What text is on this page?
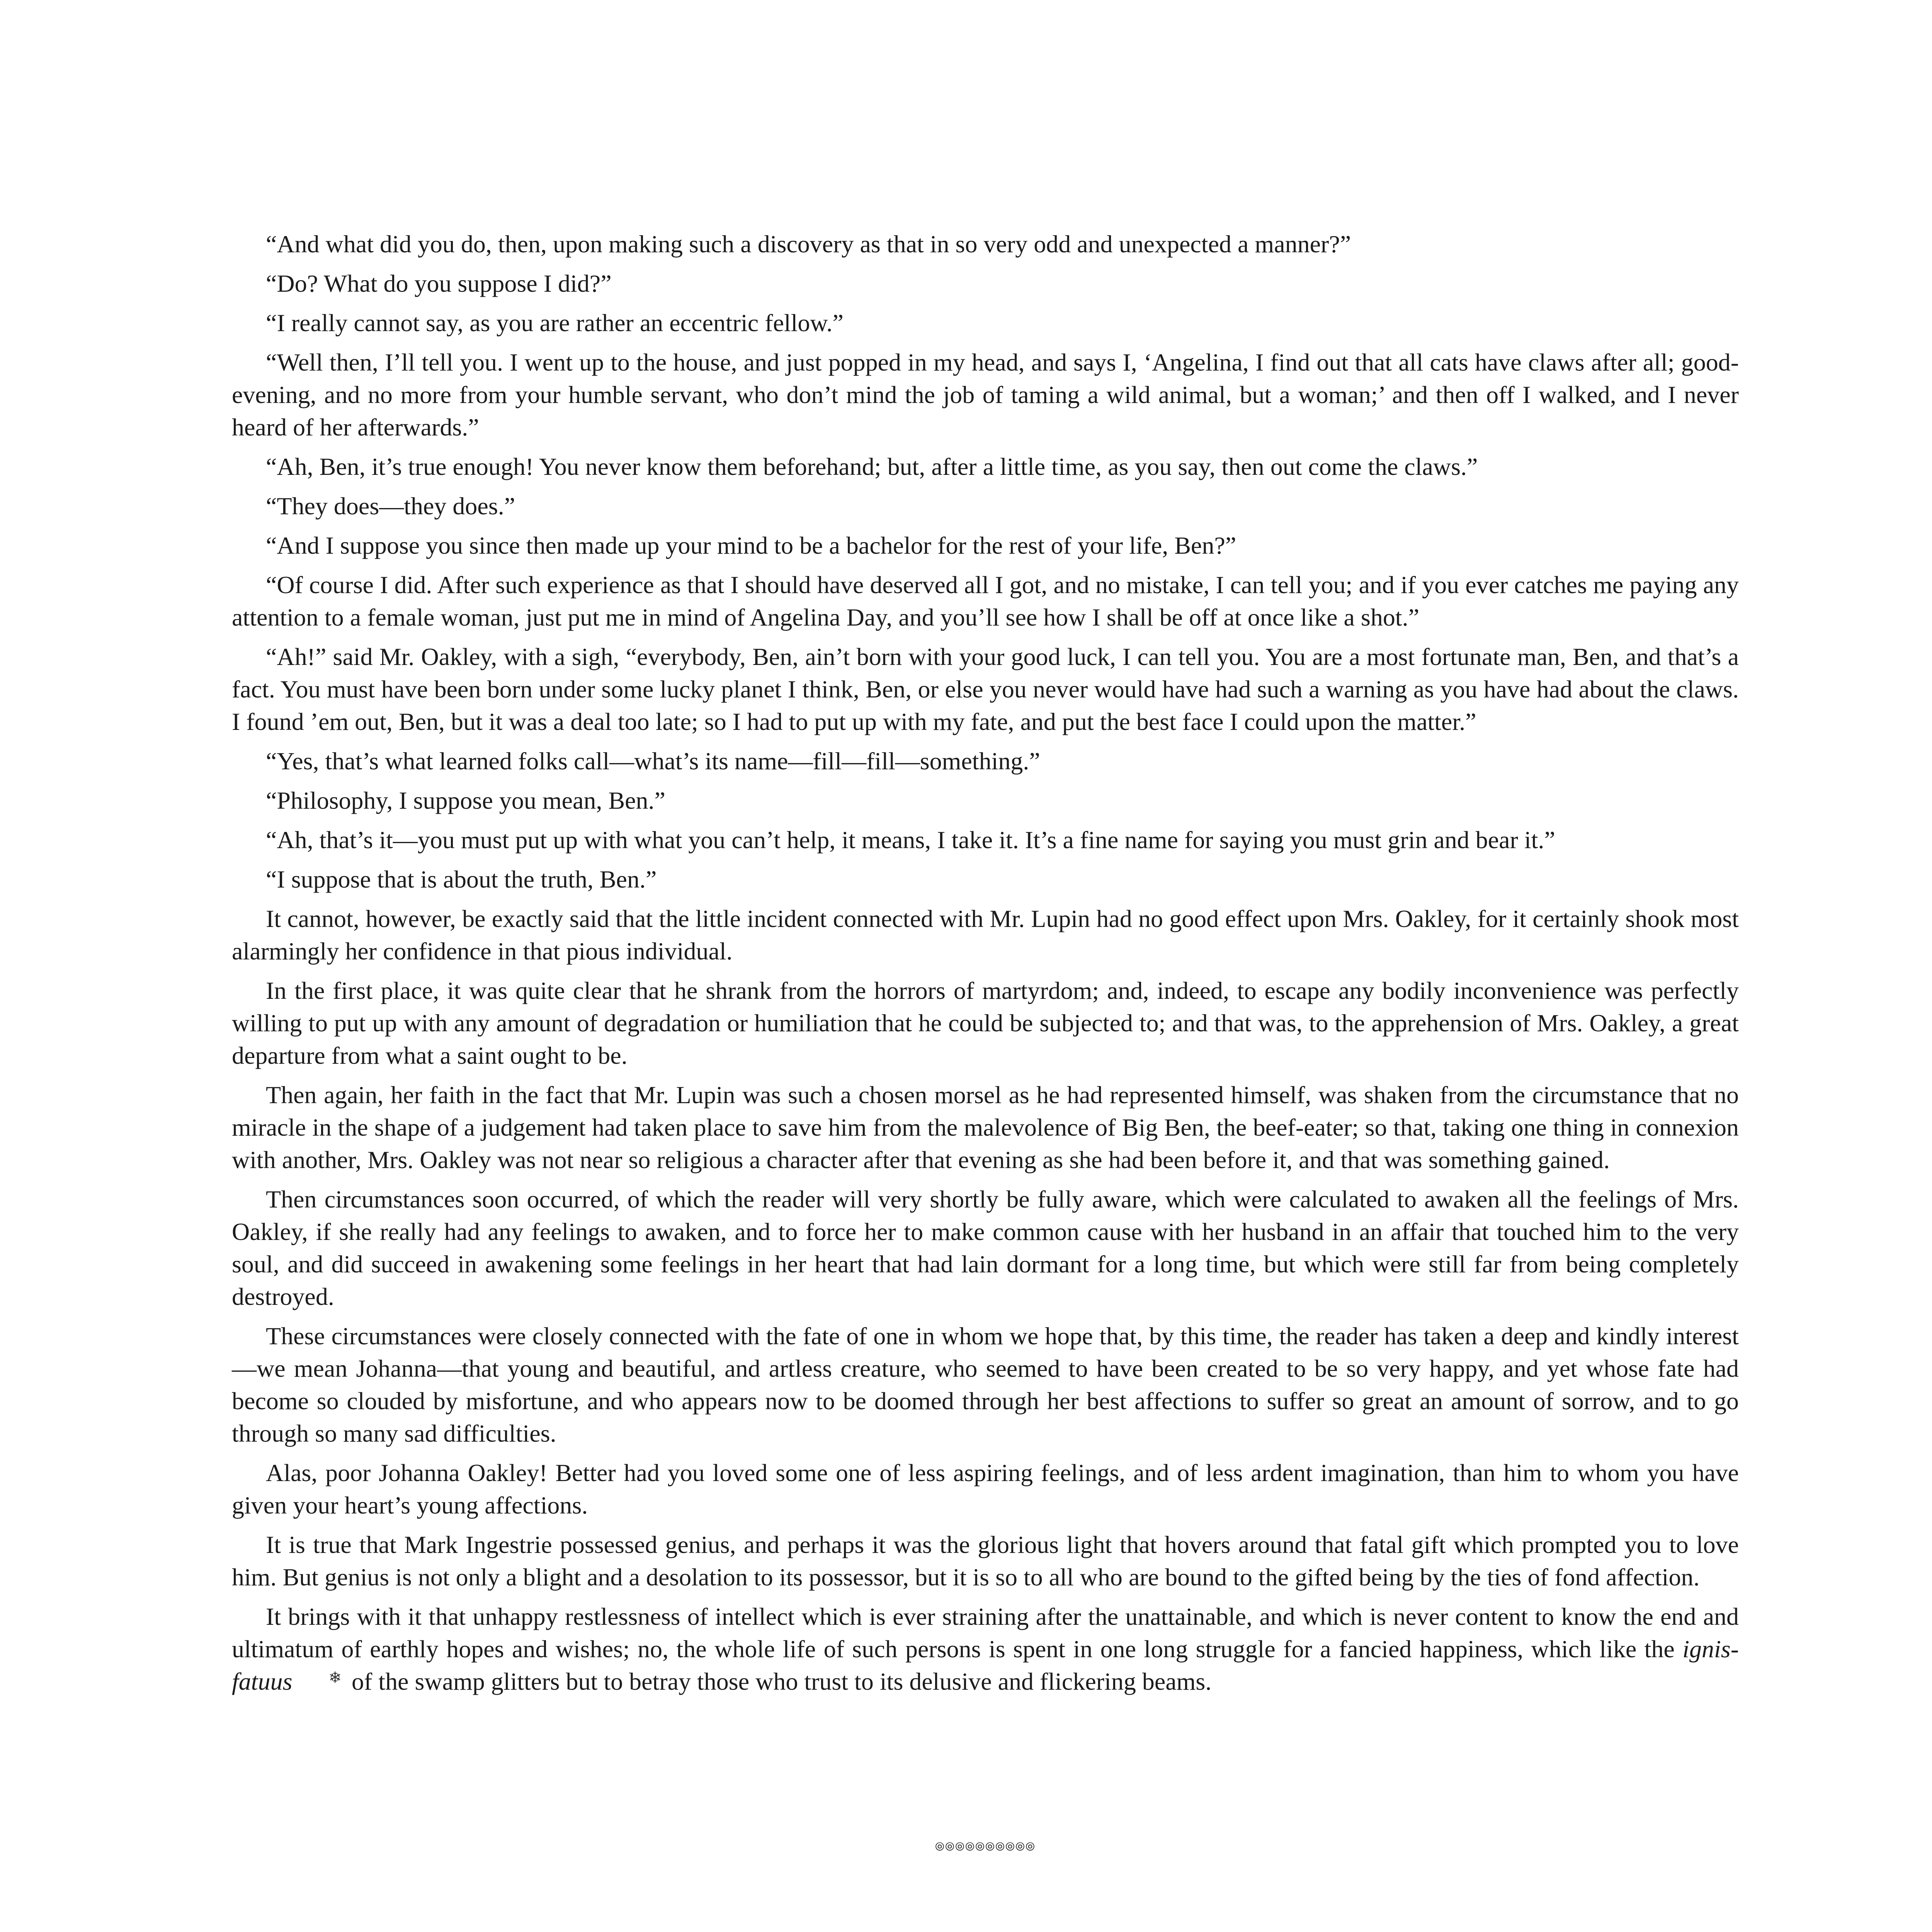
“And what did you do, then, upon making such a discovery as that in so very odd and unexpected a manner?”

“Do? What do you suppose I did?”

“I really cannot say, as you are rather an eccentric fellow.”

“Well then, I’ll tell you. I went up to the house, and just popped in my head, and says I, ‘Angelina, I find out that all cats have claws after all; good-evening, and no more from your humble servant, who don’t mind the job of taming a wild animal, but a woman;’ and then off I walked, and I never heard of her afterwards.”

“Ah, Ben, it’s true enough! You never know them beforehand; but, after a little time, as you say, then out come the claws.”

“They does—they does.”

“And I suppose you since then made up your mind to be a bachelor for the rest of your life, Ben?”

“Of course I did. After such experience as that I should have deserved all I got, and no mistake, I can tell you; and if you ever catches me paying any attention to a female woman, just put me in mind of Angelina Day, and you’ll see how I shall be off at once like a shot.”

“Ah!” said Mr. Oakley, with a sigh, “everybody, Ben, ain’t born with your good luck, I can tell you. You are a most fortunate man, Ben, and that’s a fact. You must have been born under some lucky planet I think, Ben, or else you never would have had such a warning as you have had about the claws. I found ’em out, Ben, but it was a deal too late; so I had to put up with my fate, and put the best face I could upon the matter.”

“Yes, that’s what learned folks call—what’s its name—fill—fill—something.”

“Philosophy, I suppose you mean, Ben.”

“Ah, that’s it—you must put up with what you can’t help, it means, I take it. It’s a fine name for saying you must grin and bear it.”

“I suppose that is about the truth, Ben.”

It cannot, however, be exactly said that the little incident connected with Mr. Lupin had no good effect upon Mrs. Oakley, for it certainly shook most alarmingly her confidence in that pious individual.

In the first place, it was quite clear that he shrank from the horrors of martyrdom; and, indeed, to escape any bodily inconvenience was perfectly willing to put up with any amount of degradation or humiliation that he could be subjected to; and that was, to the apprehension of Mrs. Oakley, a great departure from what a saint ought to be.

Then again, her faith in the fact that Mr. Lupin was such a chosen morsel as he had represented himself, was shaken from the circumstance that no miracle in the shape of a judgement had taken place to save him from the malevolence of Big Ben, the beef-eater; so that, taking one thing in connexion with another, Mrs. Oakley was not near so religious a character after that evening as she had been before it, and that was something gained.

Then circumstances soon occurred, of which the reader will very shortly be fully aware, which were calculated to awaken all the feelings of Mrs. Oakley, if she really had any feelings to awaken, and to force her to make common cause with her husband in an affair that touched him to the very soul, and did succeed in awakening some feelings in her heart that had lain dormant for a long time, but which were still far from being completely destroyed.

These circumstances were closely connected with the fate of one in whom we hope that, by this time, the reader has taken a deep and kindly interest—we mean Johanna—that young and beautiful, and artless creature, who seemed to have been created to be so very happy, and yet whose fate had become so clouded by misfortune, and who appears now to be doomed through her best affections to suffer so great an amount of sorrow, and to go through so many sad difficulties.

Alas, poor Johanna Oakley! Better had you loved some one of less aspiring feelings, and of less ardent imagination, than him to whom you have given your heart’s young affections.

It is true that Mark Ingestrie possessed genius, and perhaps it was the glorious light that hovers around that fatal gift which prompted you to love him. But genius is not only a blight and a desolation to its possessor, but it is so to all who are bound to the gifted being by the ties of fond affection.

It brings with it that unhappy restlessness of intellect which is ever straining after the unattainable, and which is never content to know the end and ultimatum of earthly hopes and wishes; no, the whole life of such persons is spent in one long struggle for a fancied happiness, which like the ignis-fatuus ❄ of the swamp glitters but to betray those who trust to its delusive and flickering beams.

⦾⦾⦾⦾⦾⦾⦾⦾⦾⦾
